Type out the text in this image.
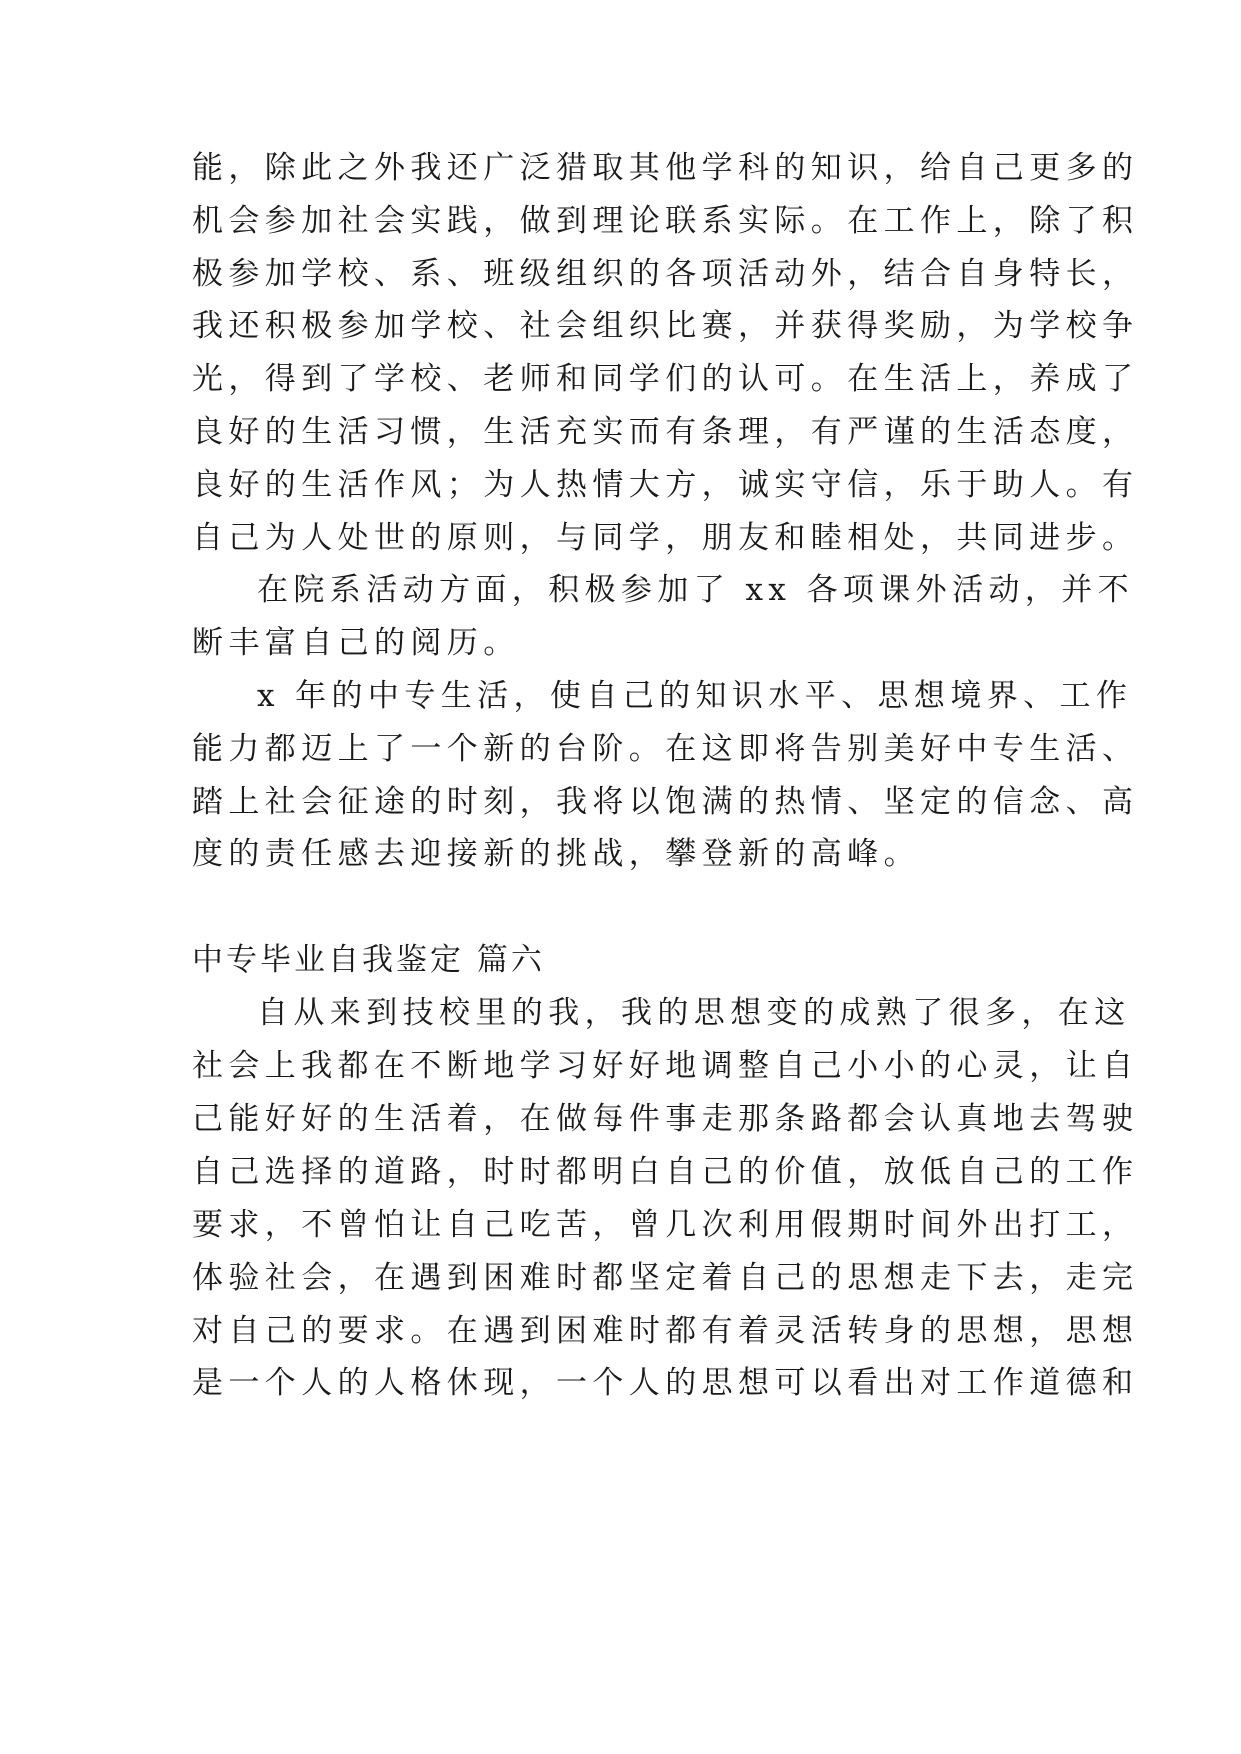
能，除此之外我还广泛猎取其他学科的知识，给自己更多的
机会参加社会实践，做到理论联系实际。在工作上，除了积
极参加学校、系、班级组织的各项活动外，结合自身特长，
我还积极参加学校、社会组织比赛，并获得奖励，为学校争
光，得到了学校、老师和同学们的认可。在生活上，养成了
良好的生活习惯，生活充实而有条理，有严谨的生活态度，
良好的生活作风；为人热情大方，诚实守信，乐于助人。有
自己为人处世的原则，与同学，朋友和睦相处，共同进步。
在院系活动方面，积极参加了 xx 各项课外活动，并不
断丰富自己的阅历。
x 年的中专生活，使自己的知识水平、思想境界、工作
能力都迈上了一个新的台阶。在这即将告别美好中专生活、
踏上社会征途的时刻，我将以饱满的热情、坚定的信念、高
度的责任感去迎接新的挑战，攀登新的高峰。
中专毕业自我鉴定 篇六
自从来到技校里的我，我的思想变的成熟了很多，在这
社会上我都在不断地学习好好地调整自己小小的心灵，让自
己能好好的生活着，在做每件事走那条路都会认真地去驾驶
自己选择的道路，时时都明白自己的价值，放低自己的工作
要求，不曾怕让自己吃苦，曾几次利用假期时间外出打工，
体验社会，在遇到困难时都坚定着自己的思想走下去，走完
对自己的要求。在遇到困难时都有着灵活转身的思想，思想
是一个人的人格休现，一个人的思想可以看出对工作道德和
